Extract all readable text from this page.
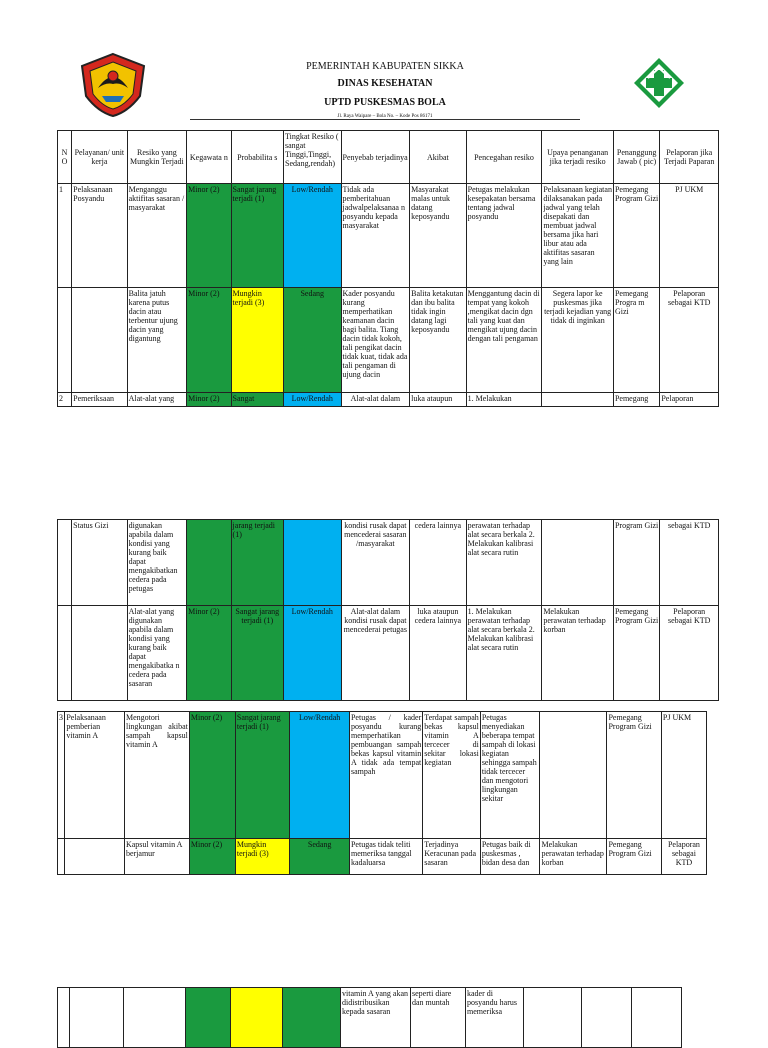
PEMERINTAH KABUPATEN SIKKA
DINAS KESEHATAN
UPTD PUSKESMAS BOLA
Jl. Raya Waipare – Bola No. – Kode Pos 86171
N O	Pelayanan/ unit kerja	Resiko yang Mungkin Terjadi	Kegawata n	Probabilita s	Tingkat Resiko ( sangat Tinggi,Tinggi, Sedang,rendah)	Penyebab terjadinya	Akibat	Pencegahan resiko	Upaya penanganan jika terjadi resiko	Penanggung Jawab ( pic)	Pelaporan jika Terjadi Paparan
1	Pelaksanaan Posyandu	Menganggu aktifitas sasaran / masyarakat	Minor (2)	Sangat jarang terjadi (1)	Low/Rendah	Tidak ada pemberitahuan jadwalpelaksanaa n posyandu kepada masyarakat	Masyarakat malas untuk datang keposyandu	Petugas melakukan kesepakatan bersama tentang jadwal posyandu	Pelaksanaan kegiatan dilaksanakan pada jadwal yang telah disepakati dan membuat jadwal bersama jika hari libur atau ada aktifitas sasaran yang lain	Pemegang Program Gizi	PJ UKM
		Balita jatuh karena putus dacin atau terbentur ujung dacin yang digantung	Minor (2)	Mungkin terjadi (3)	Sedang	Kader posyandu kurang memperhatikan keamanan dacin bagi balita. Tiang dacin tidak kokoh, tali pengikat dacin tidak kuat, tidak ada tali pengaman di ujung dacin	Balita ketakutan dan ibu balita tidak ingin datang lagi keposyandu	Menggantung dacin di tempat yang kokoh ,mengikat dacin dgn tali yang kuat dan mengikat ujung dacin dengan tali pengaman	Segera lapor ke puskesmas jika terjadi kejadian yang tidak di inginkan	Pemegang Progra m Gizi	Pelaporan sebagai KTD
2	Pemeriksaan	Alat-alat yang	Minor (2)	Sangat	Low/Rendah	Alat-alat dalam	luka ataupun	1. Melakukan		Pemegang	Pelaporan
	Status Gizi	digunakan apabila dalam kondisi yang kurang baik dapat mengakibatkan cedera pada petugas		jarang terjadi (1)		kondisi rusak dapat mencederai sasaran /masyarakat	cedera lainnya	perawatan terhadap alat secara berkala 2. Melakukan kalibrasi alat secara rutin		Program Gizi	sebagai KTD
		Alat-alat yang digunakan apabila dalam kondisi yang kurang baik dapat mengakibatka n cedera pada sasaran	Minor (2)	Sangat jarang terjadi (1)	Low/Rendah	Alat-alat dalam kondisi rusak dapat mencederai petugas	luka ataupun cedera lainnya	1. Melakukan perawatan terhadap alat secara berkala 2. Melakukan kalibrasi alat secara rutin	Melakukan perawatan terhadap korban	Pemegang Program Gizi	Pelaporan sebagai KTD
3	Pelaksanaan pemberian vitamin A	Mengotori lingkungan akibat sampah kapsul vitamin A	Minor (2)	Sangat jarang terjadi (1)	Low/Rendah	Petugas / kader posyandu kurang memperhatikan pembuangan sampah bekas kapsul vitamin A tidak ada tempat sampah	Terdapat sampah bekas kapsul vitamin A tercecer di sekitar lokasi kegiatan	Petugas menyediakan beberapa tempat sampah di lokasi kegiatan sehingga sampah tidak tercecer dan mengotori lingkungan sekitar		Pemegang Program Gizi	PJ UKM
		Kapsul vitamin A berjamur	Minor (2)	Mungkin terjadi (3)	Sedang	Petugas tidak teliti memeriksa tanggal kadaluarsa	Terjadinya Keracunan pada sasaran	Petugas baik di puskesmas , bidan desa dan	Melakukan perawatan terhadap korban	Pemegang Program Gizi	Pelaporan sebagai KTD
						vitamin A yang akan didistribusikan kepada sasaran	seperti diare dan muntah	kader di posyandu harus memeriksa			
